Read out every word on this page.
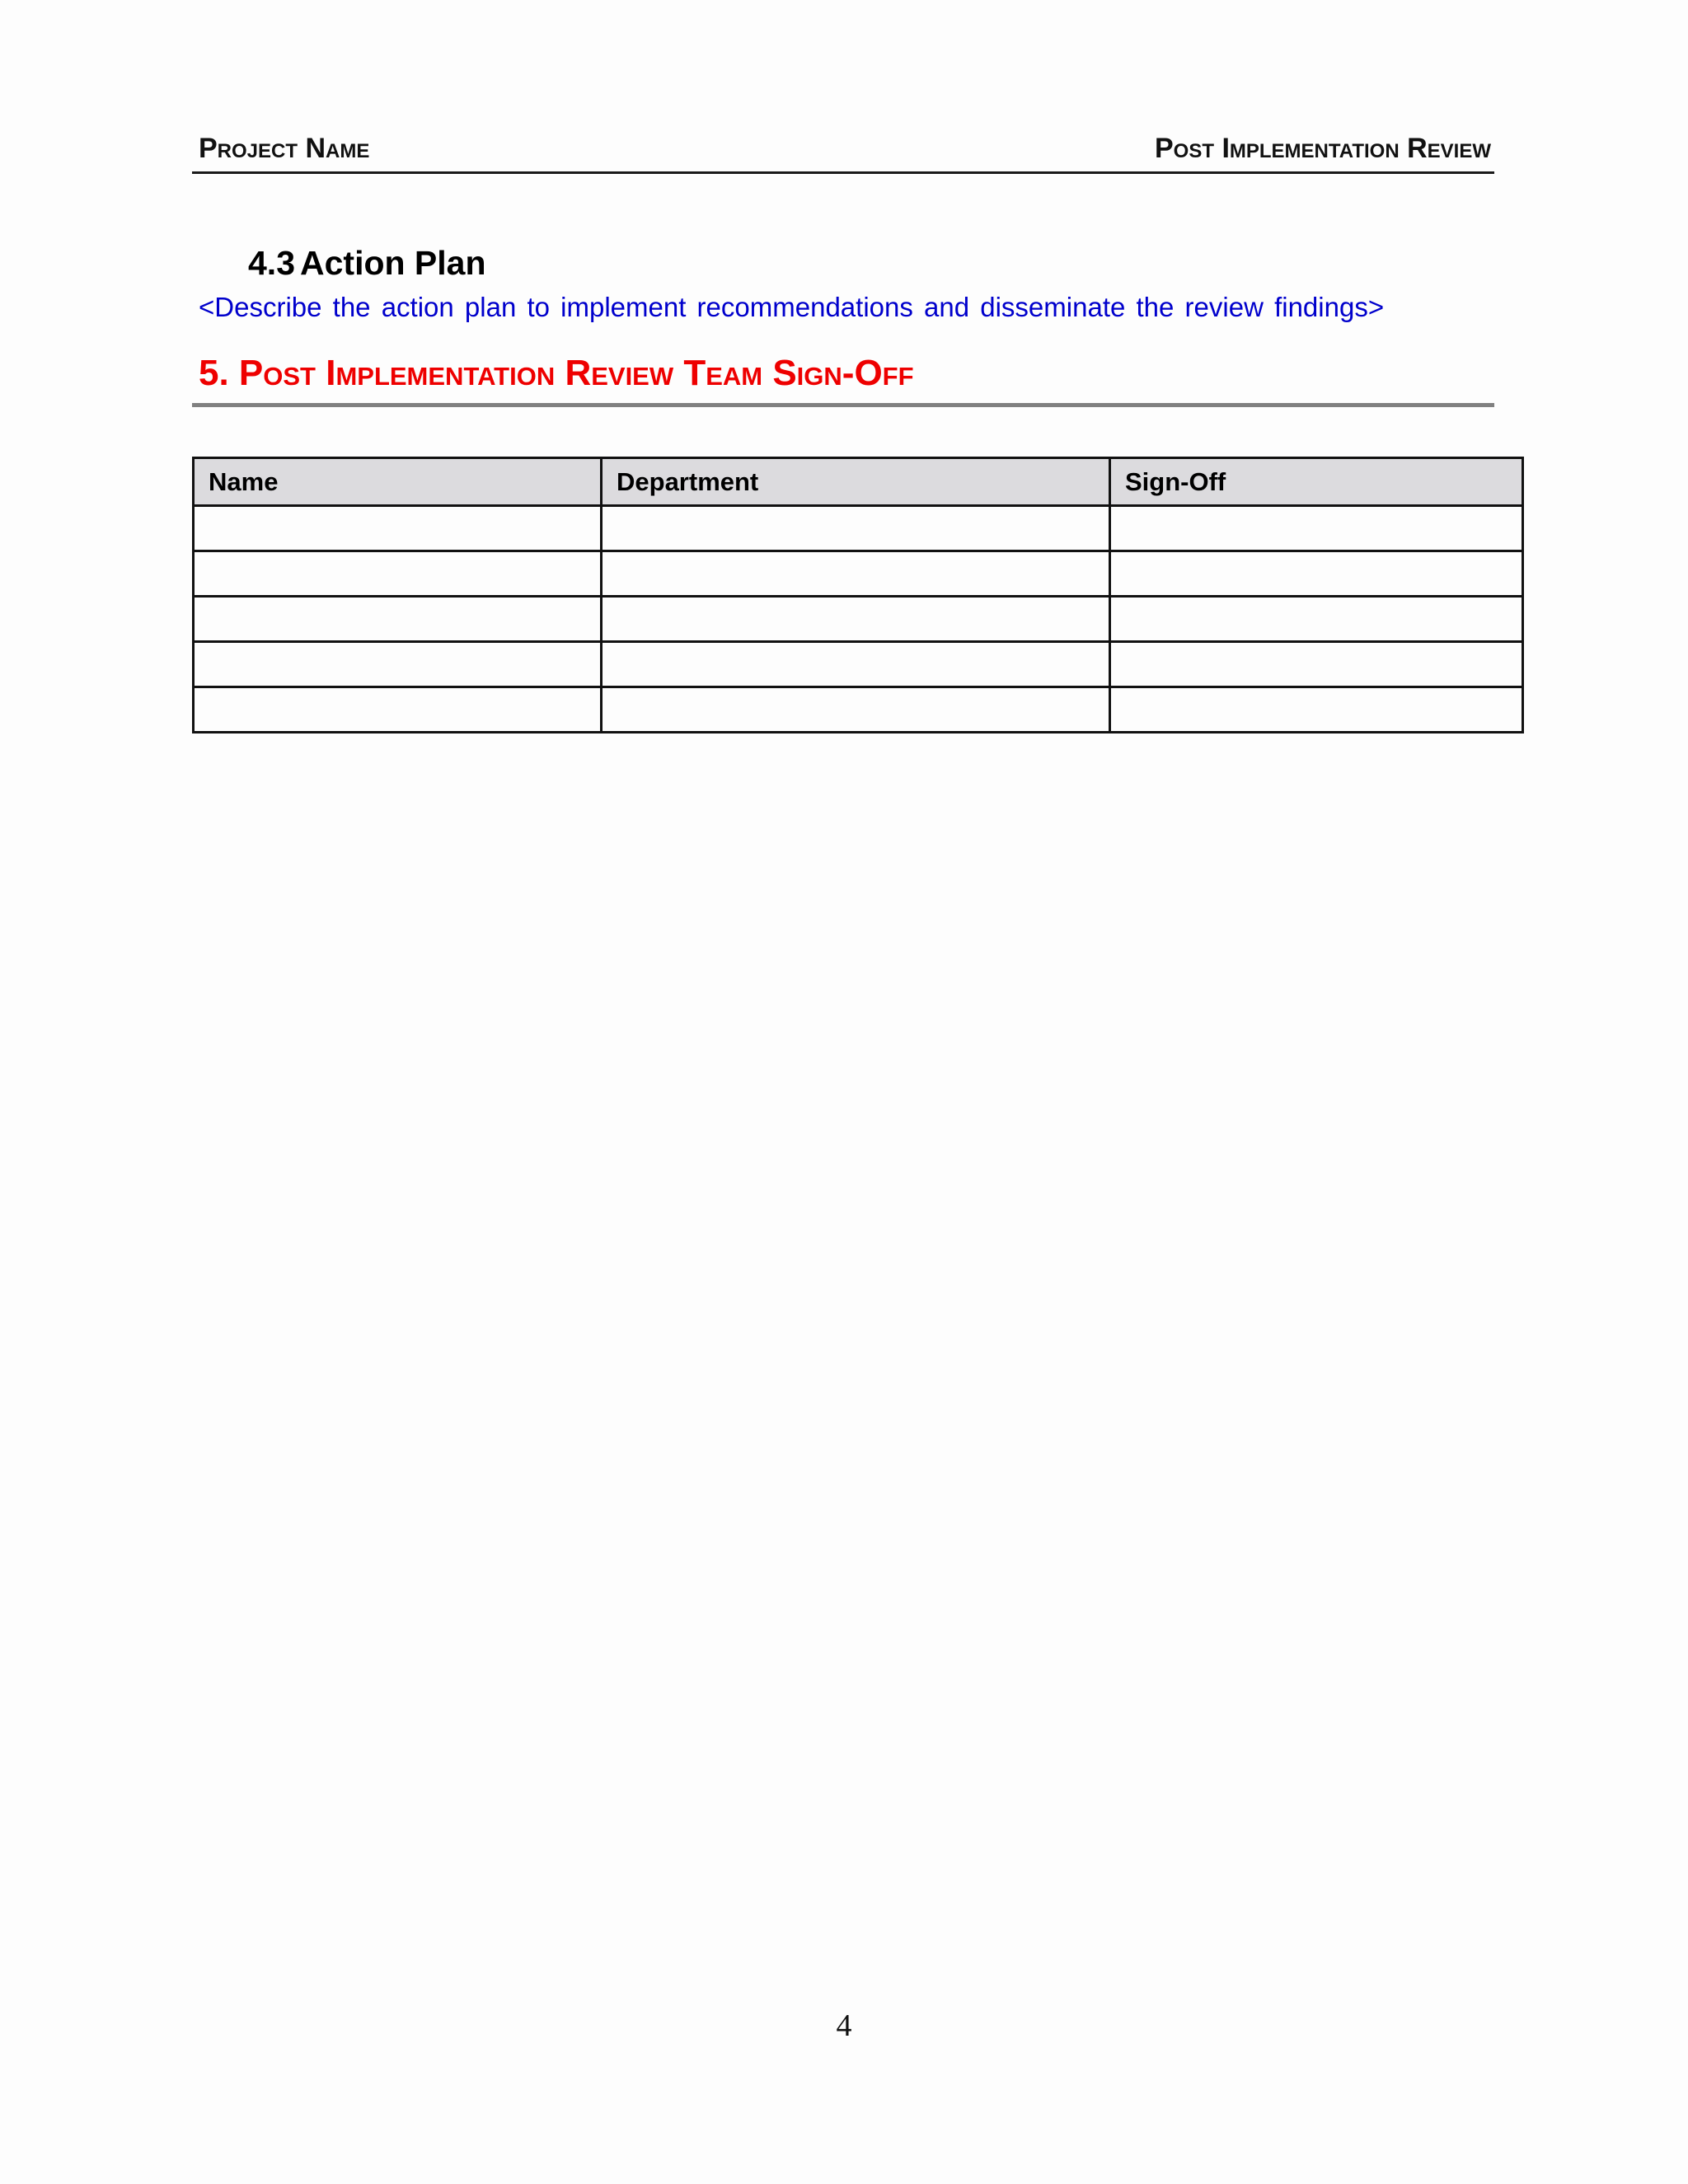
Project Name	Post Implementation Review
4.3 Action Plan
<Describe the action plan to implement recommendations and disseminate the review findings>
5. Post Implementation Review Team Sign-Off
Name	Department	Sign-Off

4
